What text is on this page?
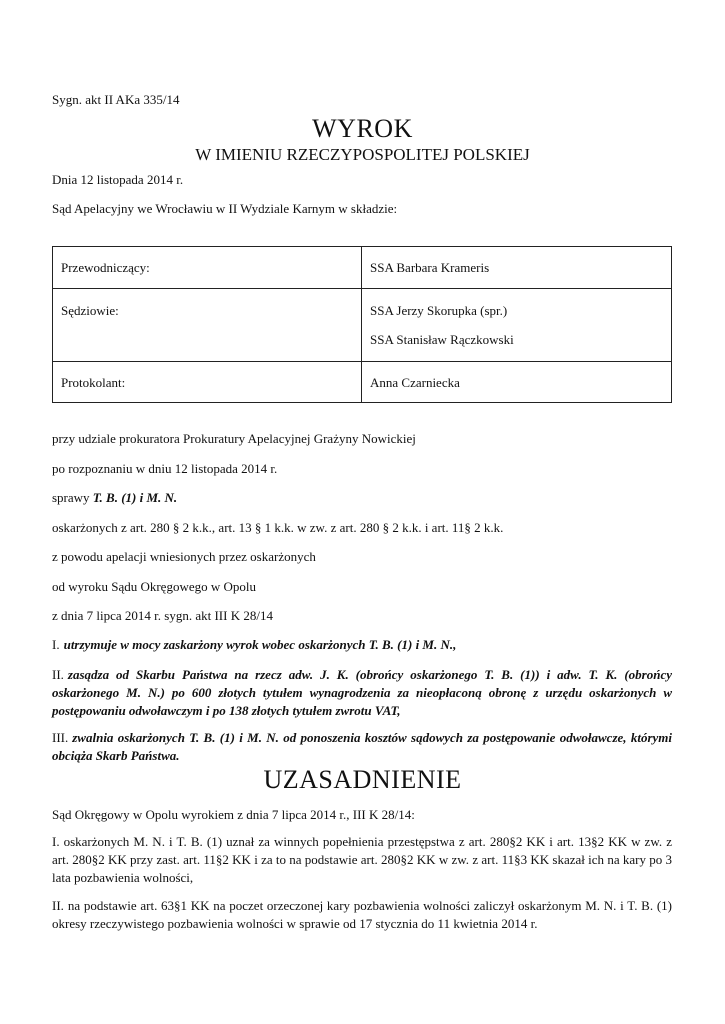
Sygn. akt II AKa 335/14
WYROK
W IMIENIU RZECZYPOSPOLITEJ POLSKIEJ
Dnia 12 listopada 2014 r.
Sąd Apelacyjny we Wrocławiu w II Wydziale Karnym w składzie:
Przewodniczący:	SSA Barbara Krameris

Sędziowie:	SSA Jerzy Skorupka (spr.)
SSA Stanisław Rączkowski

Protokolant:	Anna Czarniecka
przy udziale prokuratora Prokuratury Apelacyjnej Grażyny Nowickiej
po rozpoznaniu w dniu 12 listopada 2014 r.
sprawy T. B. (1) i M. N.
oskarżonych z art. 280 § 2 k.k., art. 13 § 1 k.k. w zw. z art. 280 § 2 k.k. i art. 11§ 2 k.k.
z powodu apelacji wniesionych przez oskarżonych
od wyroku Sądu Okręgowego w Opolu
z dnia 7 lipca 2014 r. sygn. akt III K 28/14
I. utrzymuje w mocy zaskarżony wyrok wobec oskarżonych T. B. (1) i M. N.,
II. zasądza od Skarbu Państwa na rzecz adw. J. K. (obrońcy oskarżonego T. B. (1)) i adw. T. K. (obrońcy oskarżonego M. N.) po 600 złotych tytułem wynagrodzenia za nieopłaconą obronę z urzędu oskarżonych w postępowaniu odwoławczym i po 138 złotych tytułem zwrotu VAT,
III. zwalnia oskarżonych T. B. (1) i M. N. od ponoszenia kosztów sądowych za postępowanie odwoławcze, którymi obciąża Skarb Państwa.
UZASADNIENIE
Sąd Okręgowy w Opolu wyrokiem z dnia 7 lipca 2014 r., III K 28/14:
I. oskarżonych M. N. i T. B. (1) uznał za winnych popełnienia przestępstwa z art. 280§2 KK i art. 13§2 KK w zw. z art. 280§2 KK przy zast. art. 11§2 KK i za to na podstawie art. 280§2 KK w zw. z art. 11§3 KK skazał ich na kary po 3 lata pozbawienia wolności,
II. na podstawie art. 63§1 KK na poczet orzeczonej kary pozbawienia wolności zaliczył oskarżonym M. N. i T. B. (1) okresy rzeczywistego pozbawienia wolności w sprawie od 17 stycznia do 11 kwietnia 2014 r.
